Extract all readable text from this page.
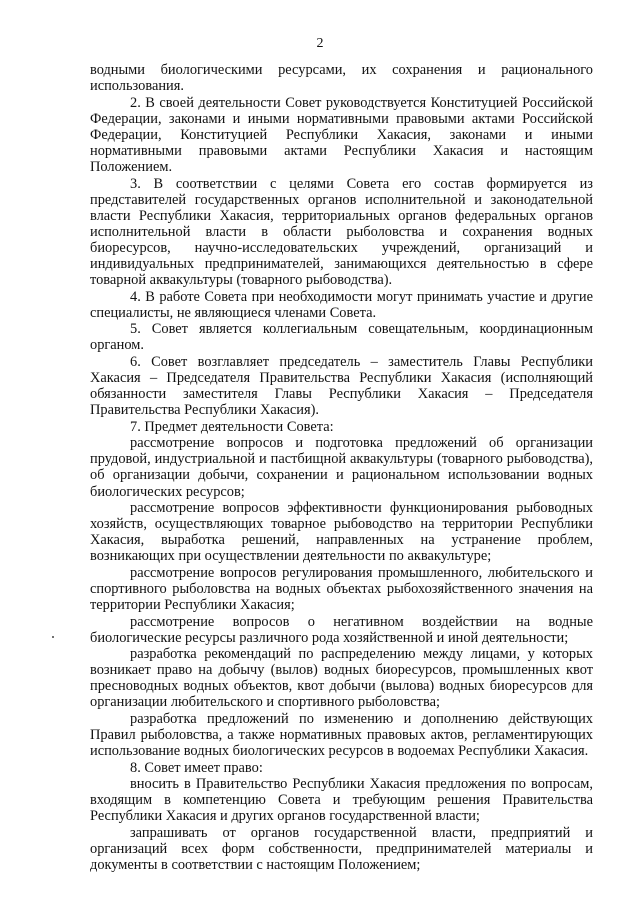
2

водными биологическими ресурсами, их сохранения и рационального использования.

2. В своей деятельности Совет руководствуется Конституцией Российской Федерации, законами и иными нормативными правовыми актами Российской Федерации, Конституцией Республики Хакасия, законами и иными нормативными правовыми актами Республики Хакасия и настоящим Положением.

3. В соответствии с целями Совета его состав формируется из представителей государственных органов исполнительной и законодательной власти Республики Хакасия, территориальных органов федеральных органов исполнительной власти в области рыболовства и сохранения водных биоресурсов, научно-исследовательских учреждений, организаций и индивидуальных предпринимателей, занимающихся деятельностью в сфере товарной аквакультуры (товарного рыбоводства).

4. В работе Совета при необходимости могут принимать участие и другие специалисты, не являющиеся членами Совета.

5. Совет является коллегиальным совещательным, координационным органом.

6. Совет возглавляет председатель – заместитель Главы Республики Хакасия – Председателя Правительства Республики Хакасия (исполняющий обязанности заместителя Главы Республики Хакасия – Председателя Правительства Республики Хакасия).

7. Предмет деятельности Совета:

рассмотрение вопросов и подготовка предложений об организации прудовой, индустриальной и пастбищной аквакультуры (товарного рыбоводства), об организации добычи, сохранении и рациональном использовании водных биологических ресурсов;

рассмотрение вопросов эффективности функционирования рыбоводных хозяйств, осуществляющих товарное рыбоводство на территории Республики Хакасия, выработка решений, направленных на устранение проблем, возникающих при осуществлении деятельности по аквакультуре;

рассмотрение вопросов регулирования промышленного, любительского и спортивного рыболовства на водных объектах рыбохозяйственного значения на территории Республики Хакасия;

рассмотрение вопросов о негативном воздействии на водные биологические ресурсы различного рода хозяйственной и иной деятельности;

разработка рекомендаций по распределению между лицами, у которых возникает право на добычу (вылов) водных биоресурсов, промышленных квот пресноводных водных объектов, квот добычи (вылова) водных биоресурсов для организации любительского и спортивного рыболовства;

разработка предложений по изменению и дополнению действующих Правил рыболовства, а также нормативных правовых актов, регламентирующих использование водных биологических ресурсов в водоемах Республики Хакасия.

8. Совет имеет право:

вносить в Правительство Республики Хакасия предложения по вопросам, входящим в компетенцию Совета и требующим решения Правительства Республики Хакасия и других органов государственной власти;

запрашивать от органов государственной власти, предприятий и организаций всех форм собственности, предпринимателей материалы и документы в соответствии с настоящим Положением;
